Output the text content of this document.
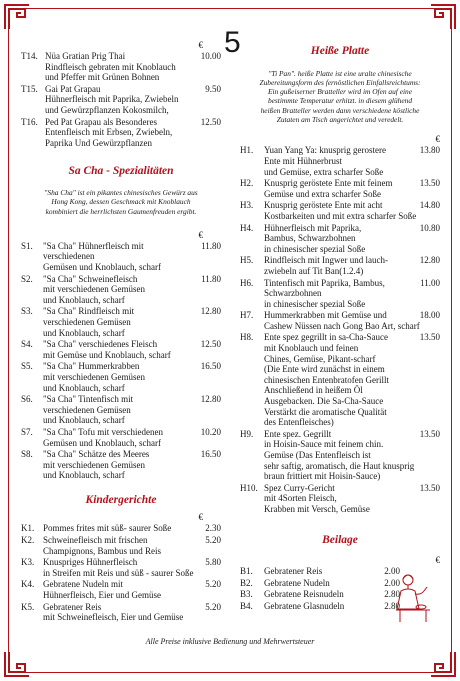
5
€
T14. Nüa Gratian Prig Thai
Rindfleisch gebraten mit Knoblauch
und Pfeffer mit Grünen Bohnen
10.00
T15. Gai Pat Grapau
Hühnerfleisch mit Paprika, Zwiebeln
und Gewürzpflanzen Kokosmilch,
9.50
T16. Ped Pat Grapau als Besonderes
Entenfleisch mit Erbsen, Zwiebeln,
Paprika Und Gewürzpflanzen
12.50
Sa Cha - Spezialitäten
"Sha Cha" ist ein pikantes chinesisches Gewürz aus
Hong Kong, dessen Geschmack mit Knoblauch
kombiniert die herrlichsten Gaumenfreuden ergibt.
€
S1.	"Sa Cha" Hühnerfleisch mit
verschiedenen
Gemüsen und Knoblauch, scharf
11.80
S2.	"Sa Cha" Schweinefleisch
mit verschiedenen Gemüsen
und Knoblauch, scharf
11.80
S3.	"Sa Cha" Rindfleisch mit
verschiedenen Gemüsen
und Knoblauch, scharf
12.80
S4.	"Sa Cha" verschiedenes Fleisch
mit Gemüse und Knoblauch, scharf
12.50
S5.	"Sa Cha" Hummerkrabben
mit verschiedenen Gemüsen
und Knoblauch, scharf
16.50
S6.	"Sa Cha" Tintenfisch mit
verschiedenen Gemüsen
und Knoblauch, scharf
12.80
S7.	"Sa Cha" Tofu mit verschiedenen
Gemüsen und Knoblauch, scharf
10.20
S8.	"Sa Cha" Schätze des Meeres
mit verschiedenen Gemüsen
und Knoblauch, scharf
16.50
Kindergerichte
€
K1. Pommes frites mit süß- saurer Soße	2.30
K2. Schweinefleisch mit frischen
Champignons, Bambus und Reis
5.20
K3. Knuspriges Hühnerfleisch
in Streifen mit Reis und süß - saurer Soße
5.80
K4. Gebratene Nudeln mit
Hühnerfleisch, Eier und Gemüse
5.20
K5. Gebratener Reis
mit Schweinefleisch, Eier und Gemüse
5.20
Heiße Platte
"Ti Pan". heiße Platte ist eine uralte chinesische
Zubereitungsform des fernöstlichen Einfallsreichtums:
Ein gußeiserner Bratteller wird im Ofen auf eine
bestimmte Temperatur erhitzt. in diesem glühend
heißen Bratteller werden dann verschiedene köstliche
Zutaten am Tisch angerichtet und veredelt.
€
H1.	Yuan Yang Ya: knusprig gerostere
Ente mit Hühnerbrust
und Gemüse, extra scharfer Soße
13.80
H2.	Knusprig geröstete Ente mit feinem
Gemüse und extra scharfer Soße
13.50
H3.	Knusprig geröstete Ente mit acht
Kostbarkeiten und mit extra scharfer Soße
14.80
H4.	Hühnerfleisch mit Paprika,
Bambus, Schwarzbohnen
in chinesischer spezial Soße
10.80
H5.	Rindfleisch mit Ingwer und lauch-
zwiebeln auf Tit Ban(1.2.4)
12.80
H6.	Tintenfisch mit Paprika, Bambus,
Schwarzbohnen
in chinesischer spezial Soße
11.00
H7.	Hummerkrabben mit Gemüse und
Cashew Nüssen nach Gong Bao Art, scharf
18.00
H8.	Ente spez gegrillt in sa-Cha-Sauce
mit Knoblauch und feinen
Chines, Gemüse, Pikant-scharf
(Die Ente wird zunächst in einem
chinesischen Entenbratofen Gerillt
Anschließend in heißem Öl
Ausgebacken. Die Sa-Cha-Sauce
Verstärkt die aromatische Qualität
des Entenfleisches)
13.50
H9.	Ente spez. Gegrillt
in Hoisin-Sauce mit feinem chin.
Gemüse (Das Entenfleisch ist
sehr saftig, aromatisch, die Haut knusprig
braun frittiert mit Hoisin-Sauce)
13.50
H10. Spez Curry-Gericht
mit 4Sorten Fleisch,
Krabben mit Versch, Gemüse
13.50
Beilage
€
B1.	Gebratener Reis	2.00
B2.	Gebratene Nudeln	2.00
B3.	Gebratene Reisnudeln	2.80
B4.	Gebratene Glasnudeln	2.80
Alle Preise inklusive Bedienung und Mehrwertsteuer
